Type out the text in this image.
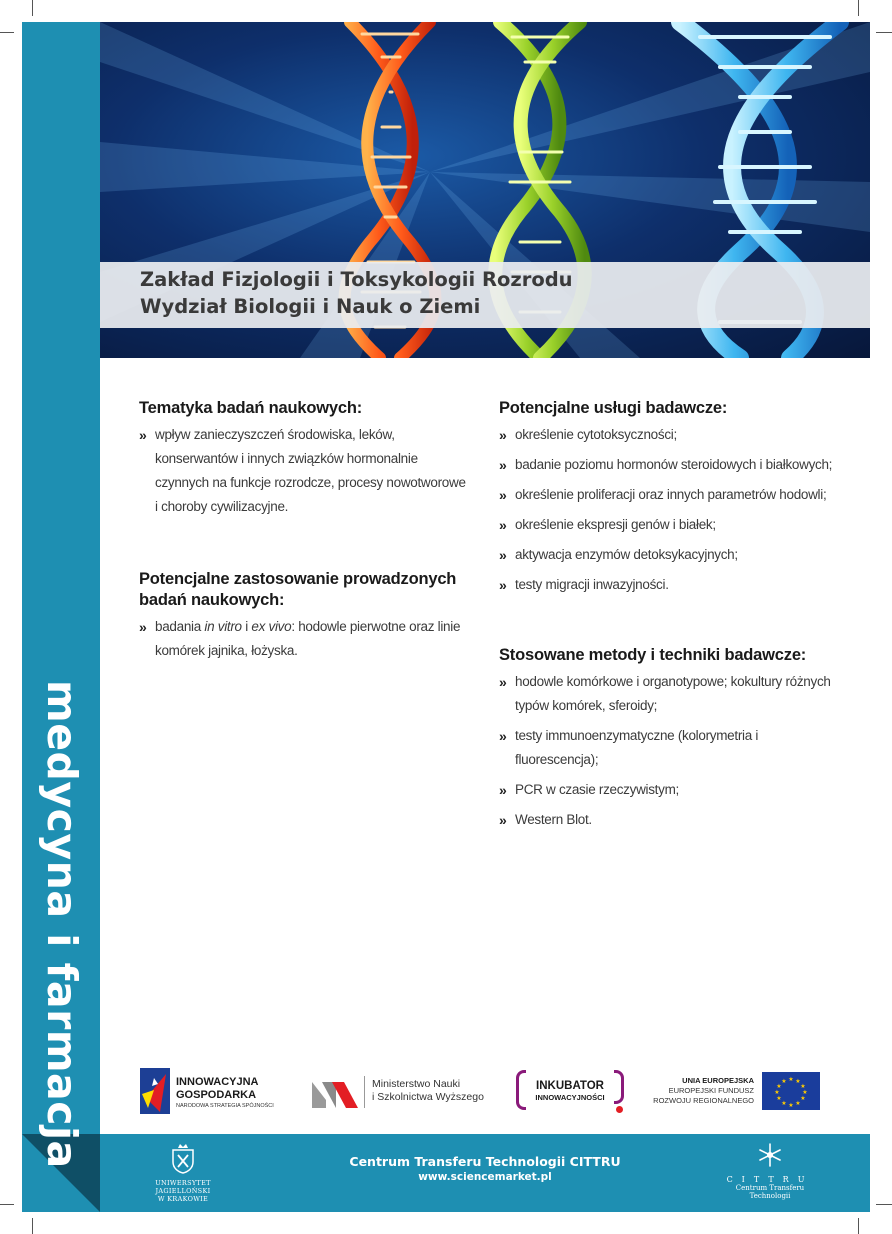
medycyna i farmacja
Zakład Fizjologii i Toksykologii Rozrodu
Wydział Biologii i Nauk o Ziemi
Tematyka badań naukowych:
» wpływ zanieczyszczeń środowiska, leków, konserwantów i innych związków hormonalnie czynnych na funkcje rozrodcze, procesy nowotworowe i choroby cywilizacyjne.
Potencjalne zastosowanie prowadzonych
badań naukowych:
» badania in vitro i ex vivo: hodowle pierwotne oraz linie komórek jajnika, łożyska.
Potencjalne usługi badawcze:
» określenie cytotoksyczności;
» badanie poziomu hormonów steroidowych i białkowych;
» określenie proliferacji oraz innych parametrów hodowli;
» określenie ekspresji genów i białek;
» aktywacja enzymów detoksykacyjnych;
» testy migracji inwazyjności.
Stosowane metody i techniki badawcze:
» hodowle komórkowe i organotypowe; kokultury różnych typów komórek, sferoidy;
» testy immunoenzymatyczne (kolorymetria i fluorescencja);
» PCR w czasie rzeczywistym;
» Western Blot.
INNOWACYJNA
GOSPODARKA
NARODOWA STRATEGIA SPÓJNOŚCI
Ministerstwo Nauki
i Szkolnictwa Wyższego
INKUBATOR
INNOWACYJNOŚCI
UNIA EUROPEJSKA
EUROPEJSKI FUNDUSZ
ROZWOJU REGIONALNEGO
★ ★
★
★
★
★
★
★
★
★
★
★
UNIWERSYTET JAGIELLOŃSKI
W KRAKOWIE
Centrum Transferu Technologii CITTRU
www.sciencemarket.pl	CITTRU
Centrum Transferu Technologii
